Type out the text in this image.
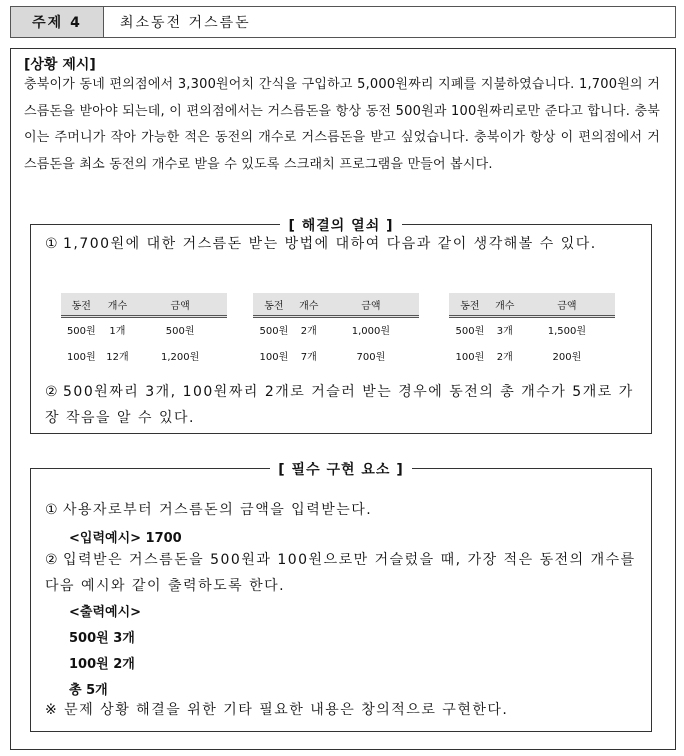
주제 4	최소동전 거스름돈
[상황 제시]
충북이가 동네 편의점에서 3,300원어치 간식을 구입하고 5,000원짜리 지폐를 지불하였습니다. 1,700원의 거스름돈을 받아야 되는데, 이 편의점에서는 거스름돈을 항상 동전 500원과 100원짜리로만 준다고 합니다. 충북이는 주머니가 작아 가능한 적은 동전의 개수로 거스름돈을 받고 싶었습니다. 충북이가 항상 이 편의점에서 거스름돈을 최소 동전의 개수로 받을 수 있도록 스크래치 프로그램을 만들어 봅시다.
[ 해결의 열쇠 ]
① 1,700원에 대한 거스름돈 받는 방법에 대하여 다음과 같이 생각해볼 수 있다.
동전	개수	금액
500원	1개	500원
100원	12개	1,200원
동전	개수	금액
500원	2개	1,000원
100원	7개	700원
동전	개수	금액
500원	3개	1,500원
100원	2개	200원
② 500원짜리 3개, 100원짜리 2개로 거슬러 받는 경우에 동전의 총 개수가 5개로 가장 작음을 알 수 있다.
[ 필수 구현 요소 ]
① 사용자로부터 거스름돈의 금액을 입력받는다.
<입력예시> 1700
② 입력받은 거스름돈을 500원과 100원으로만 거슬렀을 때, 가장 적은 동전의 개수를 다음 예시와 같이 출력하도록 한다.
<출력예시>
500원 3개
100원 2개
총 5개
※ 문제 상황 해결을 위한 기타 필요한 내용은 창의적으로 구현한다.
